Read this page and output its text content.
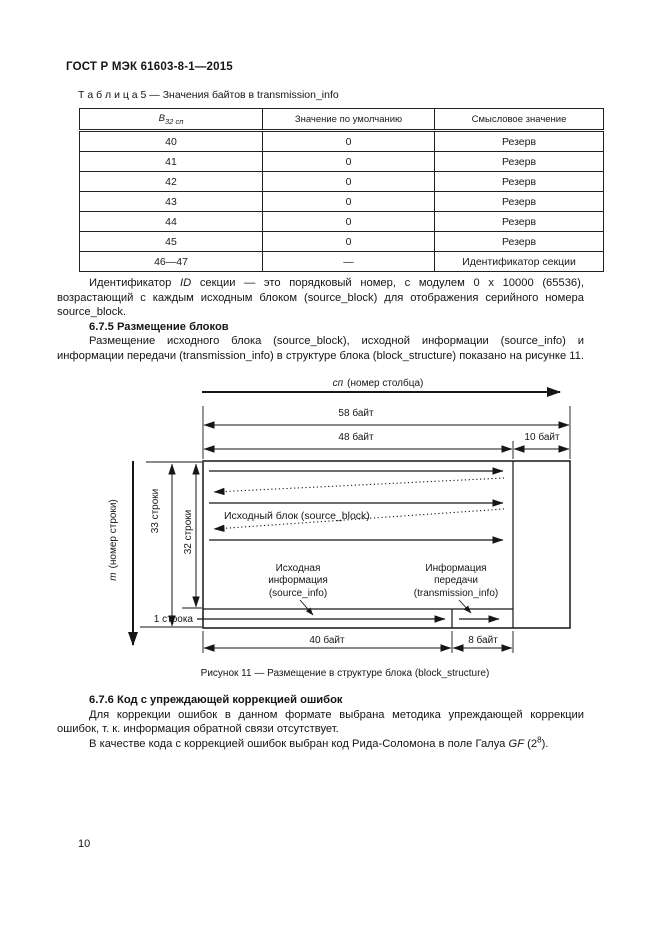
ГОСТ Р МЭК 61603-8-1—2015
Т а б л и ц а 5 — Значения байтов в transmission_info
$В_{32 сп}$	Значение по умолчанию	Смысловое значение
40	0	Резерв
41	0	Резерв
42	0	Резерв
43	0	Резерв
44	0	Резерв
45	0	Резерв
46—47	—	Идентификатор секции

Идентификатор ID секции — это порядковый номер, с модулем 0 х 10000 (65536), возрастающий с каждым исходным блоком (source_block) для отображения серийного номера source_block.

6.7.5 Размещение блоков

Размещение исходного блока (source_block), исходной информации (source_info) и информации передачи (transmission_info) в структуре блока (block_structure) показано на рисунке 11.

сп (номер столбца)
58 байт
48 байт	10 байт
Исходный блок (source_block)
Исходная
информация
(source_info)
Информация
передачи
(transmission_info)
1 строка
40 байт	8 байт
m(номер строки)	33 строки 32 строки
Рисунок 11 — Размещение в структуре блока (block_structure)

6.7.6 Код с упреждающей коррекцией ошибок

Для коррекции ошибок в данном формате выбрана методика упреждающей коррекции ошибок, т. к. информация обратной связи отсутствует.

В качестве кода с коррекцией ошибок выбран код Рида-Соломона в поле Галуа GF $(2^8)$.

10
